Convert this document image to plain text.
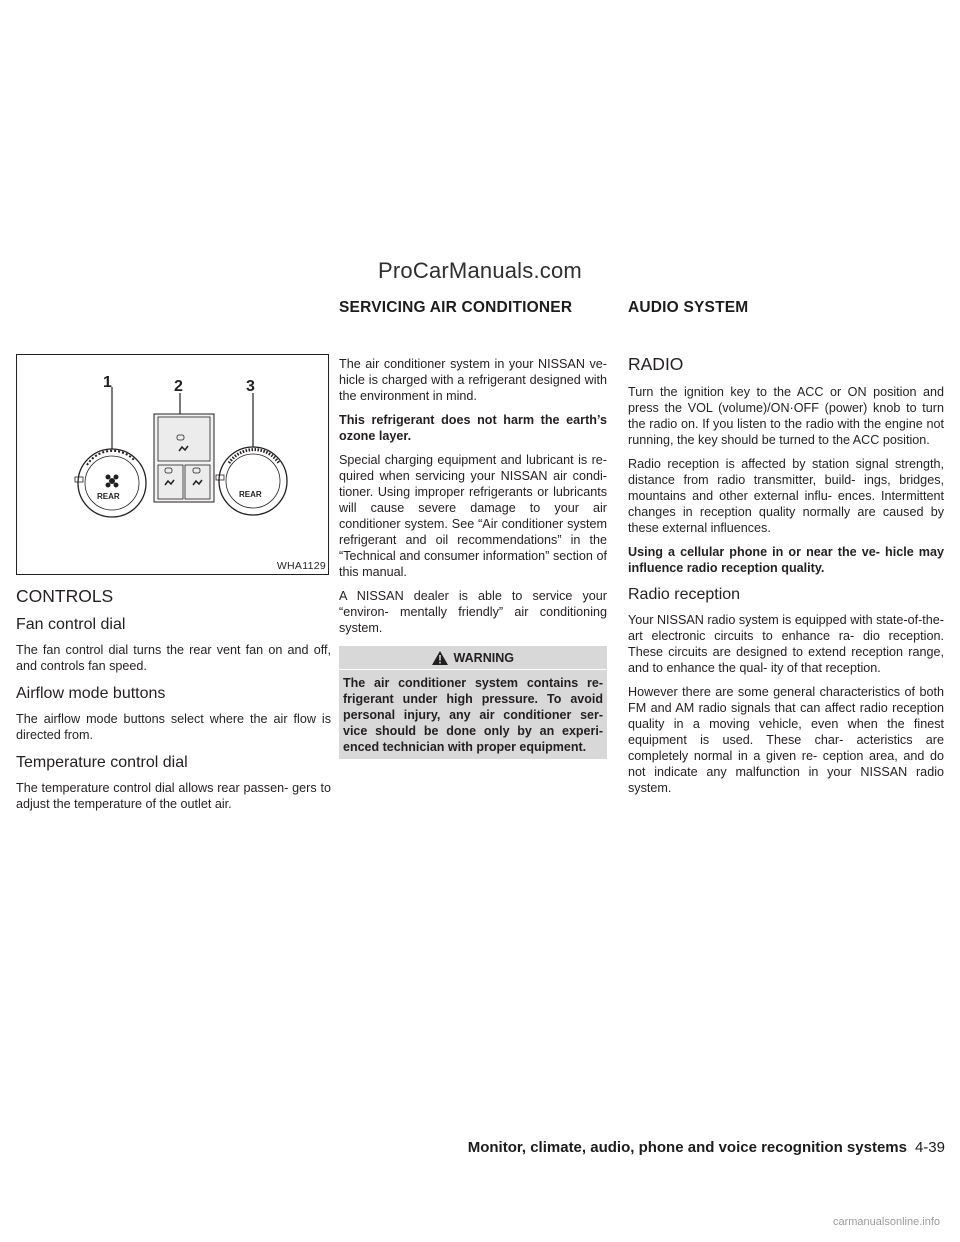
ProCarManuals.com
SERVICING AIR CONDITIONER	AUDIO SYSTEM
1	2	3
REAR	REAR
WHA1129
CONTROLS
Fan control dial

The fan control dial turns the rear vent fan on and off, and controls fan speed.

Airflow mode buttons

The airflow mode buttons select where the air flow is directed from.

Temperature control dial

The temperature control dial allows rear passen- gers to adjust the temperature of the outlet air.

The air conditioner system in your NISSAN ve- hicle is charged with a refrigerant designed with the environment in mind.

This refrigerant does not harm the earth’s ozone layer.

Special charging equipment and lubricant is re- quired when servicing your NISSAN air condi- tioner. Using improper refrigerants or lubricants will cause severe damage to your air conditioner system. See “Air conditioner system refrigerant and oil recommendations” in the “Technical and consumer information” section of this manual.

A NISSAN dealer is able to service your “environ- mentally friendly” air conditioning system.

WARNING

The air conditioner system contains re- frigerant under high pressure. To avoid personal injury, any air conditioner ser- vice should be done only by an experi- enced technician with proper equipment.

RADIO

Turn the ignition key to the ACC or ON position and press the VOL (volume)/ON·OFF (power) knob to turn the radio on. If you listen to the radio with the engine not running, the key should be turned to the ACC position.

Radio reception is affected by station signal strength, distance from radio transmitter, build- ings, bridges, mountains and other external influ- ences. Intermittent changes in reception quality normally are caused by these external influences.

Using a cellular phone in or near the ve- hicle may influence radio reception quality.

Radio reception

Your NISSAN radio system is equipped with state-of-the-art electronic circuits to enhance ra- dio reception. These circuits are designed to extend reception range, and to enhance the qual- ity of that reception.

However there are some general characteristics of both FM and AM radio signals that can affect radio reception quality in a moving vehicle, even when the finest equipment is used. These char- acteristics are completely normal in a given re- ception area, and do not indicate any malfunction in your NISSAN radio system.

Monitor, climate, audio, phone and voice recognition systems 4-39
carmanualsonline.info
